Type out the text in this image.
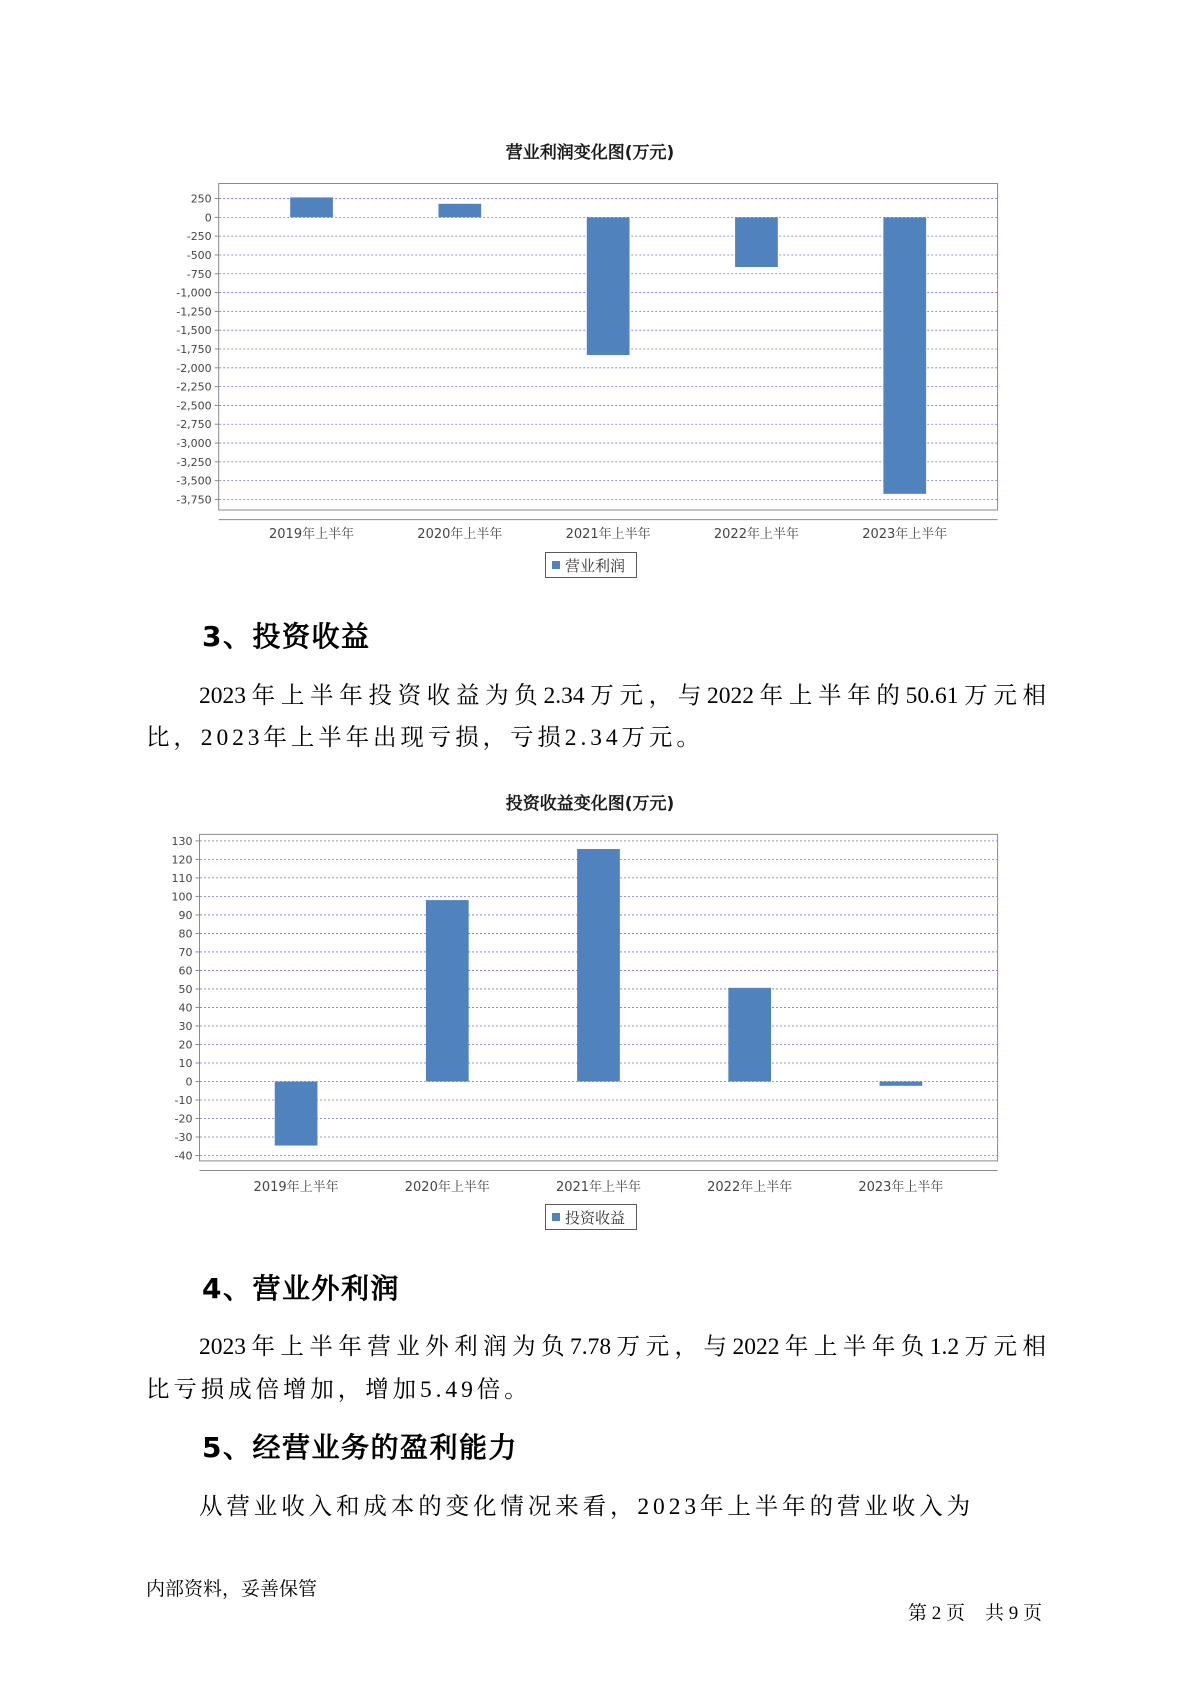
营业利润变化图(万元)
250
0
-250
-500
-750
-1,000
-1,250
-1,500
-1,750
-2,000
-2,250
-2,500
-2,750
-3,000
-3,250
-3,500
-3,750
2019年上半年	2020年上半年	2021年上半年	2022年上半年	2023年上半年
营业利润
3、投资收益
2023年上半年投资收益为负2.34万元，与2022年上半年的50.61万元相
比，2023年上半年出现亏损，亏损2.34万元。
投资收益变化图(万元)
130
120
110
100
90
80
70
60
50
40
30
20
10
0
-10
-20
-30
-40
2019年上半年	2020年上半年	2021年上半年	2022年上半年	2023年上半年
投资收益
4、营业外利润
2023年上半年营业外利润为负7.78万元，与2022年上半年负1.2万元相
比亏损成倍增加，增加5.49倍。
5、经营业务的盈利能力
从营业收入和成本的变化情况来看，2023年上半年的营业收入为
内部资料，妥善保管

第 2 页 共 9 页
